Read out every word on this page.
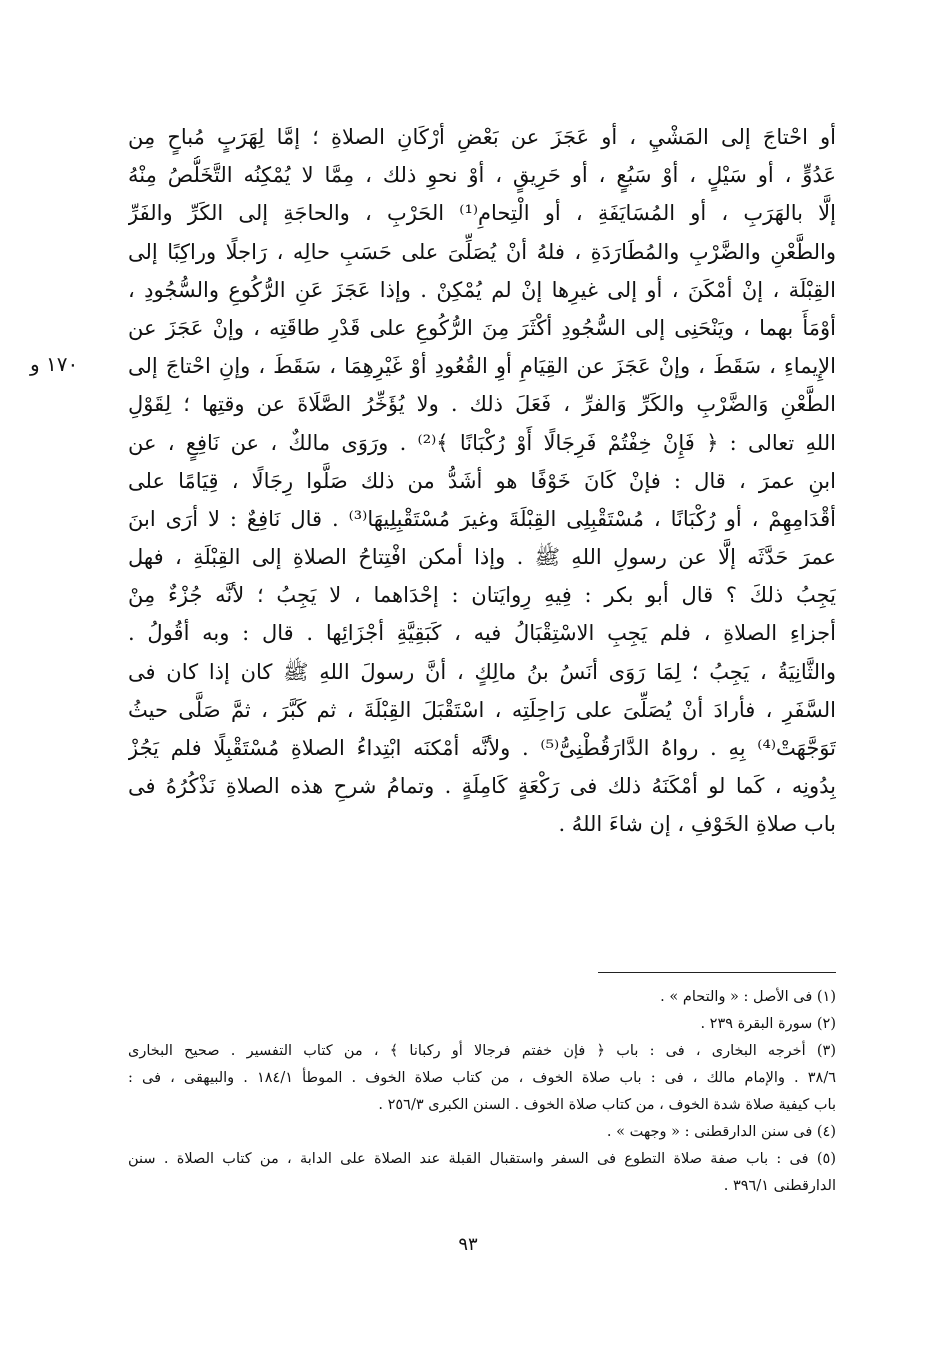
أو احْتاجَ إلى المَشْيِ ، أو عَجَزَ عن بَعْضِ أرْكَانِ الصلاةِ ؛ إمَّا لِهَرَبٍ مُباحٍ مِن
عَدُوٍّ ، أو سَيْلٍ ، أوْ سَبُعٍ ، أو حَرِيقٍ ، أوْ نحوِ ذلك ، مِمَّا لا يُمْكِنُه التَّخَلُّصُ مِنْهُ
إلَّا بالهَرَبِ ، أو المُسَايَفَةِ ، أو الْتِحامِ⁽¹⁾ الحَرْبِ ، والحاجَةِ إلى الكَرِّ والفَرِّ
والطَّعْنِ والضَّرْبِ والمُطَارَدَةِ ، فلهُ أنْ يُصَلِّىَ على حَسَبِ حالِه ، رَاجلًا وراكِبًا إلى
القِبْلَة ، إنْ أمْكَنَ ، أو إلى غيرِها إنْ لم يُمْكِنْ . وإذا عَجَزَ عَنِ الرُّكُوعِ والسُّجُودِ ،
أوْمَأَ بهما ، ويَنْحَنِى إلى السُّجُودِ أكْثَرَ مِنَ الرُّكُوعِ على قَدْرِ طاقَتِه ، وإنْ عَجَزَ عن
الإِيماءِ ، سَقَطَ ، وإنْ عَجَزَ عن القِيَامِ أوِ القُعُودِ أوْ غَيْرِهِمَا ، سَقَطَ ، وإنِ احْتاجَ إلى
الطَّعْنِ وَالضَّرْبِ والكَرِّ وَالفرِّ ، فَعَلَ ذلك . ولا يُؤَخِّرُ الصَّلَاةَ عن وقتِها ؛ لِقَوْلِ
اللهِ تعالى : ﴿ فَإِنْ خِفْتُمْ فَرِجَالًا أَوْ رُكْبَانًا ﴾⁽²⁾ . ورَوَى مالكٌ ، عن نَافِعٍ ، عن
ابنِ عمرَ ، قال : فإنْ كَانَ خَوْفًا هو أشَدُّ من ذلك صَلَّوا رِجَالًا ، قِيَامًا على
أقْدَامِهِمْ ، أو رُكْبَانًا ، مُسْتَقْبِلِى القِبْلَةَ وغيرَ مُسْتَقْبِلِيهَا⁽³⁾ . قال نَافِعٌ : لا أرَى ابنَ
عمرَ حَدَّثَه إلَّا عن رسولِ اللهِ ﷺ . وإذا أمكن افْتِتاحُ الصلاةِ إلى القِبْلَةِ ، فهل
يَجِبُ ذلكَ ؟ قال أبو بكر : فِيهِ رِوايَتان : إحْدَاهما ، لا يَجِبُ ؛ لأنَّه جُزْءٌ مِنْ
أجزاءِ الصلاةِ ، فلم يَجِبِ الاسْتِقْبَالُ فيه ، كَبَقِيَّةِ أجْزَائِها . قال : وبه أقُولُ .
والثَّانِيَةُ ، يَجِبُ ؛ لِمَا رَوَى أنَسُ بنُ مالِكٍ ، أنَّ رسولَ اللهِ ﷺ كان إذا كان فى
السَّفَرِ ، فأرادَ أنْ يُصَلِّىَ على رَاحِلَتِه ، اسْتَقْبَلَ القِبْلَةَ ، ثم كَبَّرَ ، ثمَّ صَلَّى حيثُ
تَوَجَّهَتْ⁽⁴⁾ بِهِ . رواهُ الدَّارَقُطْنِىُّ⁽⁵⁾ . ولأنَّه أمْكنَه ابْتِداءُ الصلاةِ مُسْتَقْبِلًا فلم يَجُزْ
بِدُونِه ، كَما لو أمْكَنَهُ ذلك فى رَكْعَةٍ كَامِلَةٍ . وتمامُ شرحِ هذه الصلاةِ نَذْكُرُهُ فى
باب صلاةِ الخَوْفِ ، إن شاءَ اللهُ .
١٧٠ و
(١) فى الأصل : « والتحام » .
(٢) سورة البقرة ٢٣٩ .
(٣) أخرجه البخارى ، فى : باب ﴿ فإن خفتم فرجالا أو ركبانا ﴾ ، من كتاب التفسير . صحيح البخارى
٣٨/٦ . والإمام مالك ، فى : باب صلاة الخوف ، من كتاب صلاة الخوف . الموطأ ١٨٤/١ . والبيهقى ، فى :
باب كيفية صلاة شدة الخوف ، من كتاب صلاة الخوف . السنن الكبرى ٢٥٦/٣ .
(٤) فى سنن الدارقطنى : « وجهت » .
(٥) فى : باب صفة صلاة التطوع فى السفر واستقبال القبلة عند الصلاة على الدابة ، من كتاب الصلاة . سنن
الدارقطنى ٣٩٦/١ .
٩٣
